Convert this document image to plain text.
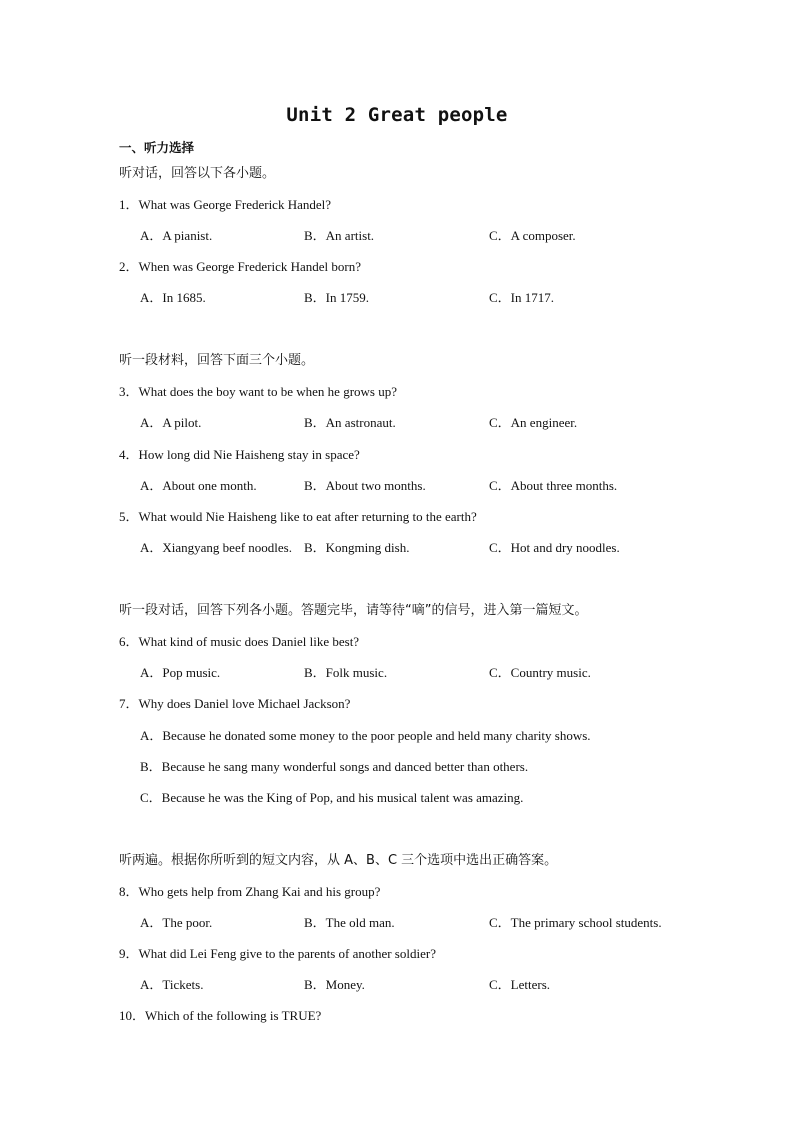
Unit 2 Great people
一、听力选择
听对话，回答以下各小题。
1．What was George Frederick Handel?
A．A pianist.	B．An artist.	C．A composer.
2．When was George Frederick Handel born?
A．In 1685.	B．In 1759.	C．In 1717.
听一段材料，回答下面三个小题。
3．What does the boy want to be when he grows up?
A．A pilot.	B．An astronaut.	C．An engineer.
4．How long did Nie Haisheng stay in space?
A．About one month.	B．About two months.	C．About three months.
5．What would Nie Haisheng like to eat after returning to the earth?
A．Xiangyang beef noodles. B．Kongming dish.	C．Hot and dry noodles.
听一段对话，回答下列各小题。答题完毕，请等待“嘀”的信号，进入第一篇短文。
6．What kind of music does Daniel like best?
A．Pop music.	B．Folk music.	C．Country music.
7．Why does Daniel love Michael Jackson?
A．Because he donated some money to the poor people and held many charity shows.
B．Because he sang many wonderful songs and danced better than others.
C．Because he was the King of Pop, and his musical talent was amazing.
听两遍。根据你所听到的短文内容，从 A、B、C 三个选项中选出正确答案。
8．Who gets help from Zhang Kai and his group?
A．The poor.	B．The old man.	C．The primary school students.
9．What did Lei Feng give to the parents of another soldier?
A．Tickets.	B．Money.	C．Letters.
10．Which of the following is TRUE?
